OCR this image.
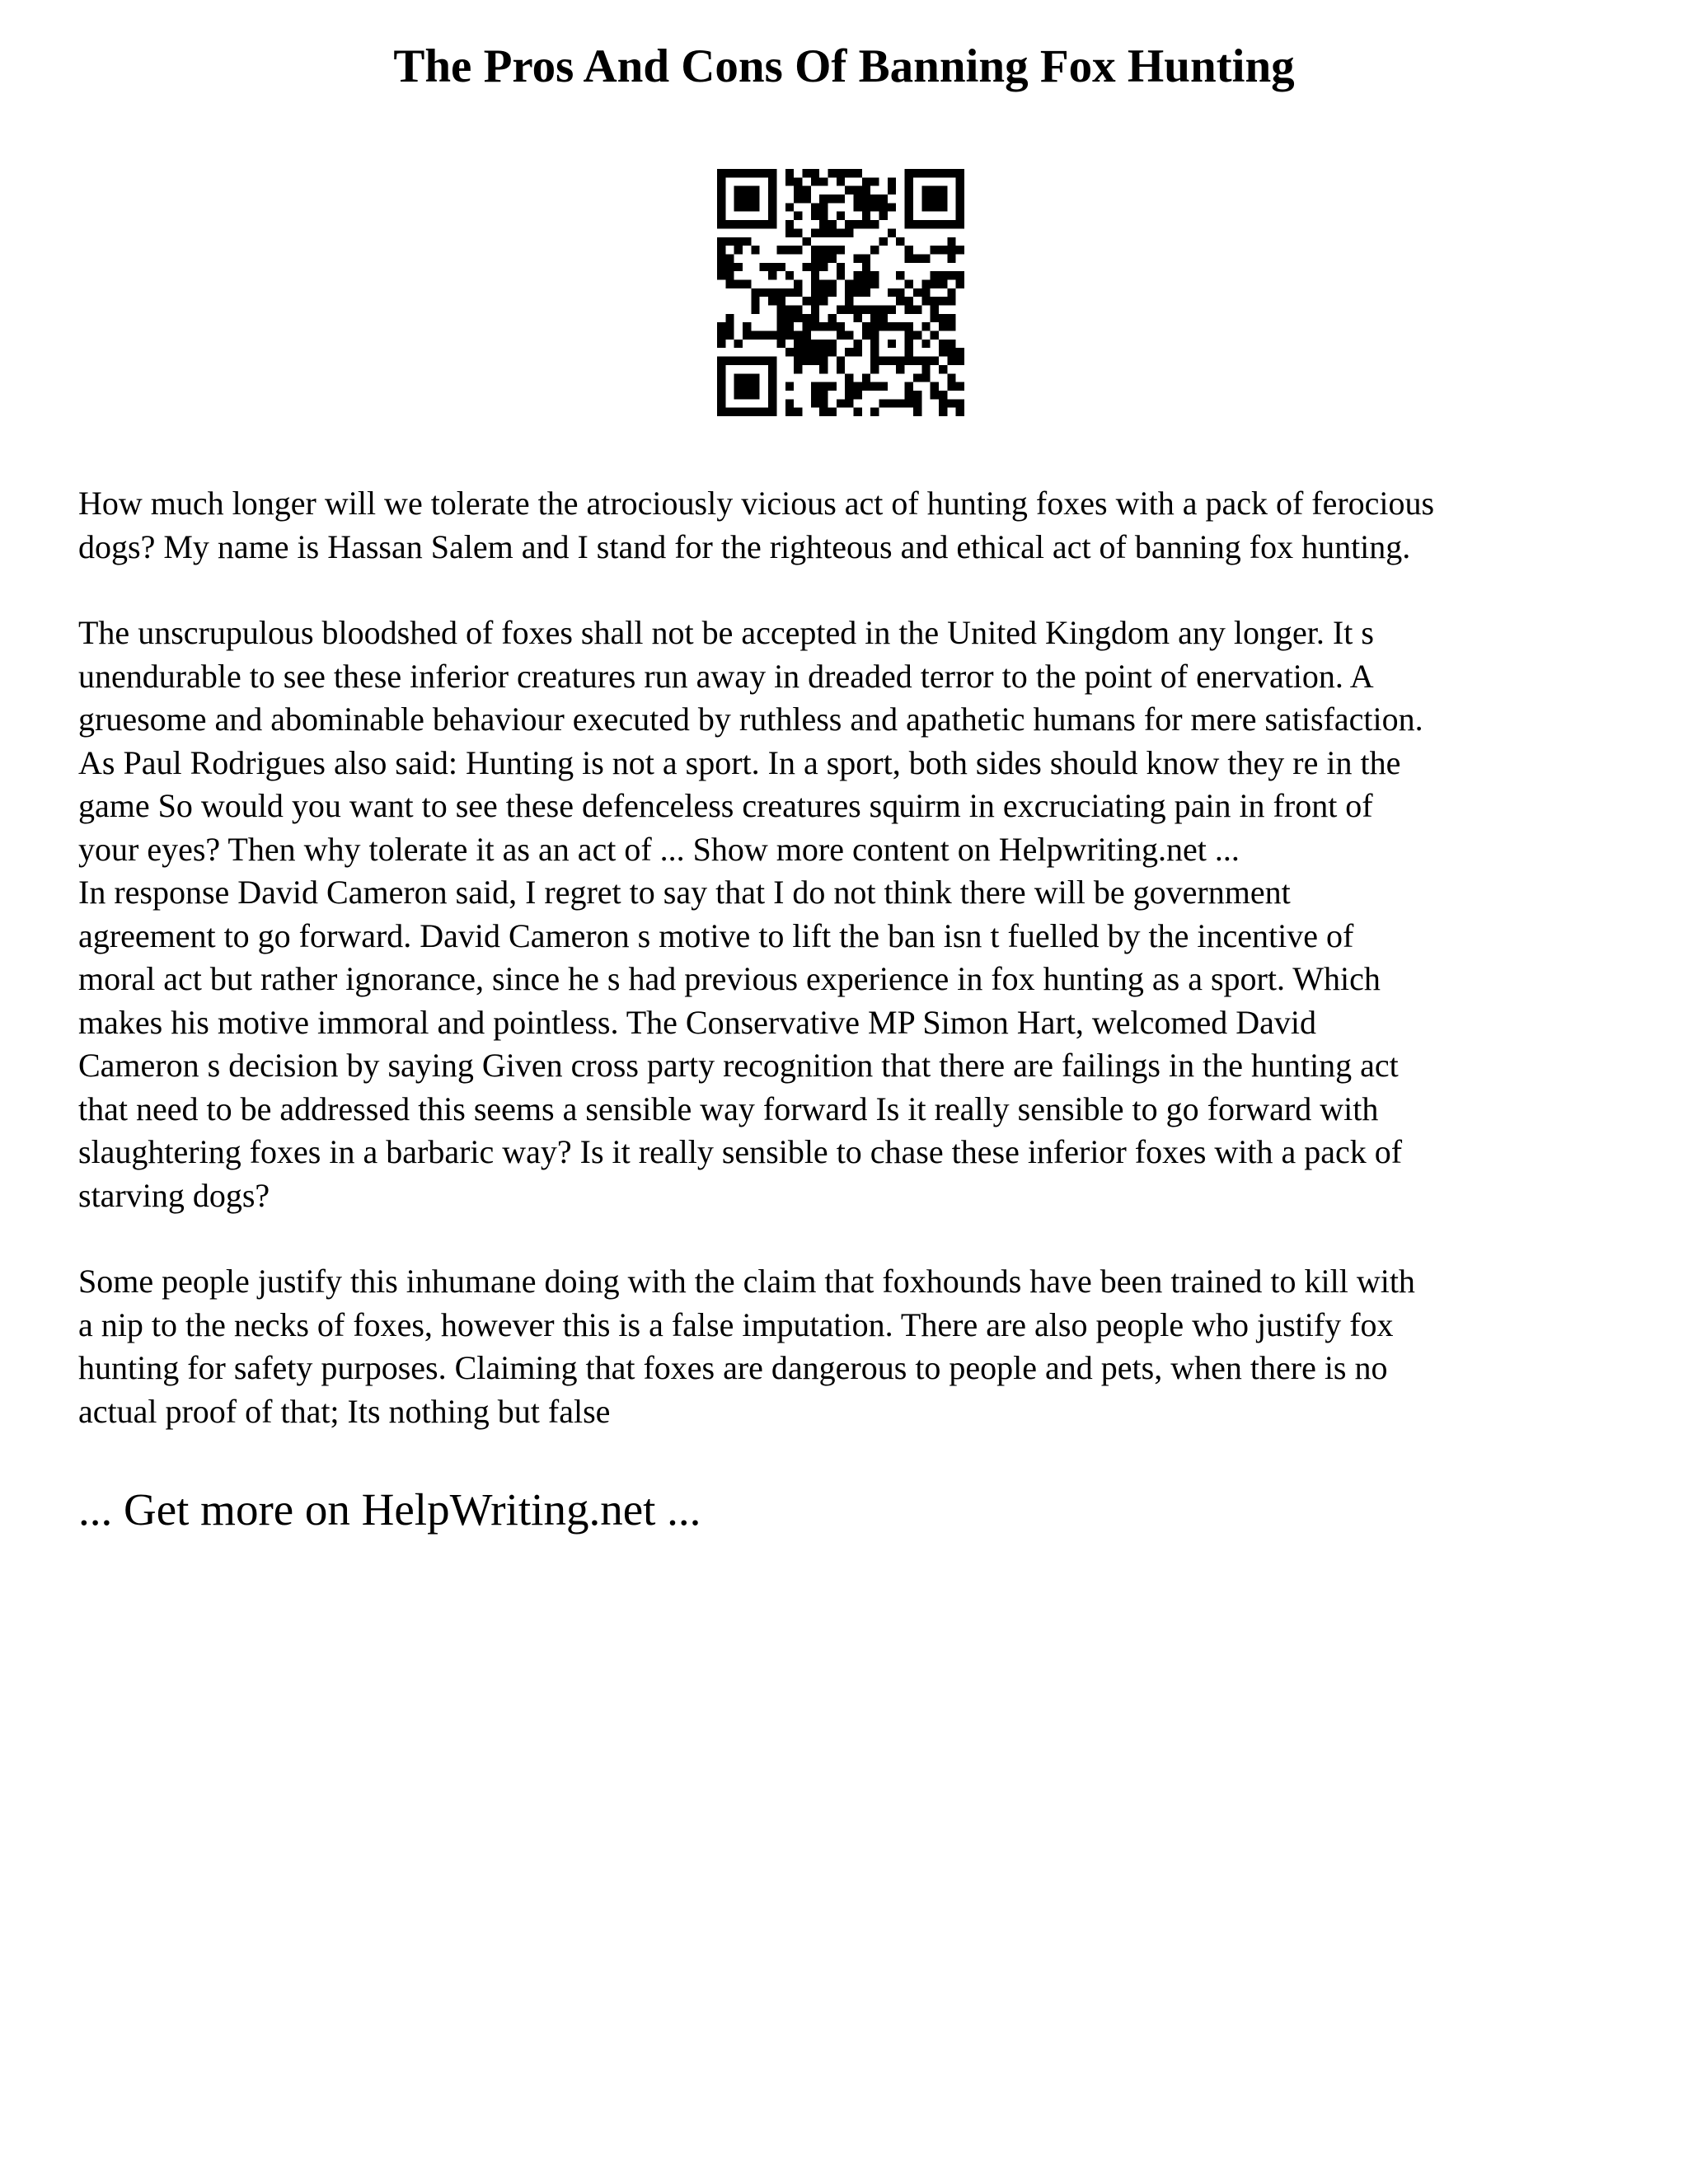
The Pros And Cons Of Banning Fox Hunting

How much longer will we tolerate the atrociously vicious act of hunting foxes with a pack of ferocious
dogs? My name is Hassan Salem and I stand for the righteous and ethical act of banning fox hunting.

The unscrupulous bloodshed of foxes shall not be accepted in the United Kingdom any longer. It s
unendurable to see these inferior creatures run away in dreaded terror to the point of enervation. A
gruesome and abominable behaviour executed by ruthless and apathetic humans for mere satisfaction.
As Paul Rodrigues also said: Hunting is not a sport. In a sport, both sides should know they re in the
game So would you want to see these defenceless creatures squirm in excruciating pain in front of
your eyes? Then why tolerate it as an act of ... Show more content on Helpwriting.net ...
In response David Cameron said, I regret to say that I do not think there will be government
agreement to go forward. David Cameron s motive to lift the ban isn t fuelled by the incentive of
moral act but rather ignorance, since he s had previous experience in fox hunting as a sport. Which
makes his motive immoral and pointless. The Conservative MP Simon Hart, welcomed David
Cameron s decision by saying Given cross party recognition that there are failings in the hunting act
that need to be addressed this seems a sensible way forward Is it really sensible to go forward with
slaughtering foxes in a barbaric way? Is it really sensible to chase these inferior foxes with a pack of
starving dogs?

Some people justify this inhumane doing with the claim that foxhounds have been trained to kill with
a nip to the necks of foxes, however this is a false imputation. There are also people who justify fox
hunting for safety purposes. Claiming that foxes are dangerous to people and pets, when there is no
actual proof of that; Its nothing but false

... Get more on HelpWriting.net ...
